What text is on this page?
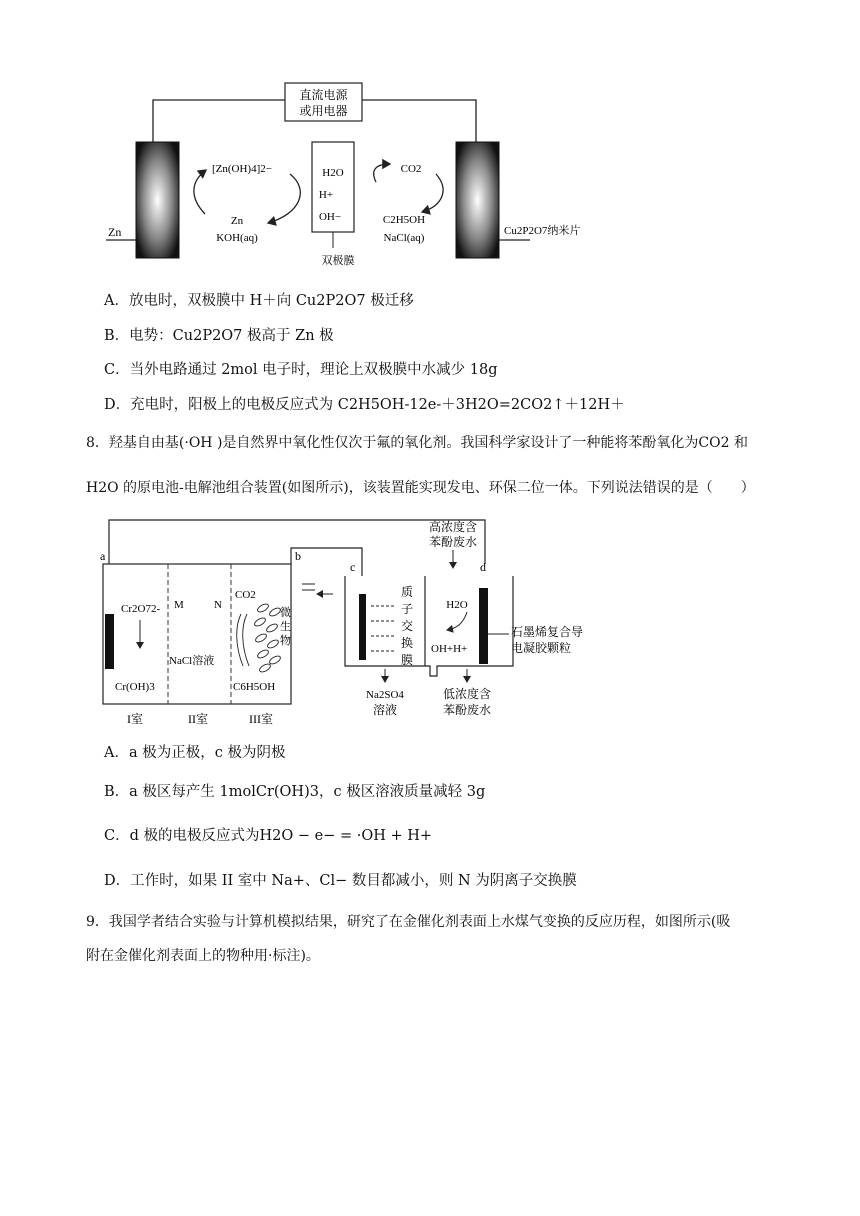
直流电源
或用电器
双极膜
H2O
H+
OH−
[Zn(OH)4]2−
Zn
KOH(aq)
CO2
C2H5OH
NaCl(aq)
Zn	Cu2P2O7纳米片
A．放电时，双极膜中 H＋向 Cu2P2O7 极迁移
B．电势：Cu2P2O7 极高于 Zn 极
C．当外电路通过 2mol 电子时，理论上双极膜中水减少 18g
D．充电时，阳极上的电极反应式为 C2H5OH-12e-＋3H2O=2CO2↑＋12H＋
8．羟基自由基(·OH )是自然界中氧化性仅次于氟的氧化剂。我国科学家设计了一种能将苯酚氧化为CO2 和
H2O 的原电池-电解池组合装置(如图所示)，该装置能实现发电、环保二位一体。下列说法错误的是（　　）
a
Cr2O72-
Cr(OH)3
M	N
NaCl溶液
CO2
微生物
C6H5OH
b
c	d
质子交换膜
高浓度含
苯酚废水
H2O
OH+H+
石墨烯复合导
电凝胶颗粒
Na2SO4
溶液
低浓度含
苯酚废水
I室	II室	III室
A．a 极为正极，c 极为阴极
B．a 极区每产生 1molCr(OH)3，c 极区溶液质量减轻 3g
C．d 极的电极反应式为H2O − e− = ·OH + H+
D．工作时，如果 II 室中 Na+、Cl− 数目都减小，则 N 为阴离子交换膜
9．我国学者结合实验与计算机模拟结果，研究了在金催化剂表面上水煤气变换的反应历程，如图所示(吸
附在金催化剂表面上的物种用·标注)。
